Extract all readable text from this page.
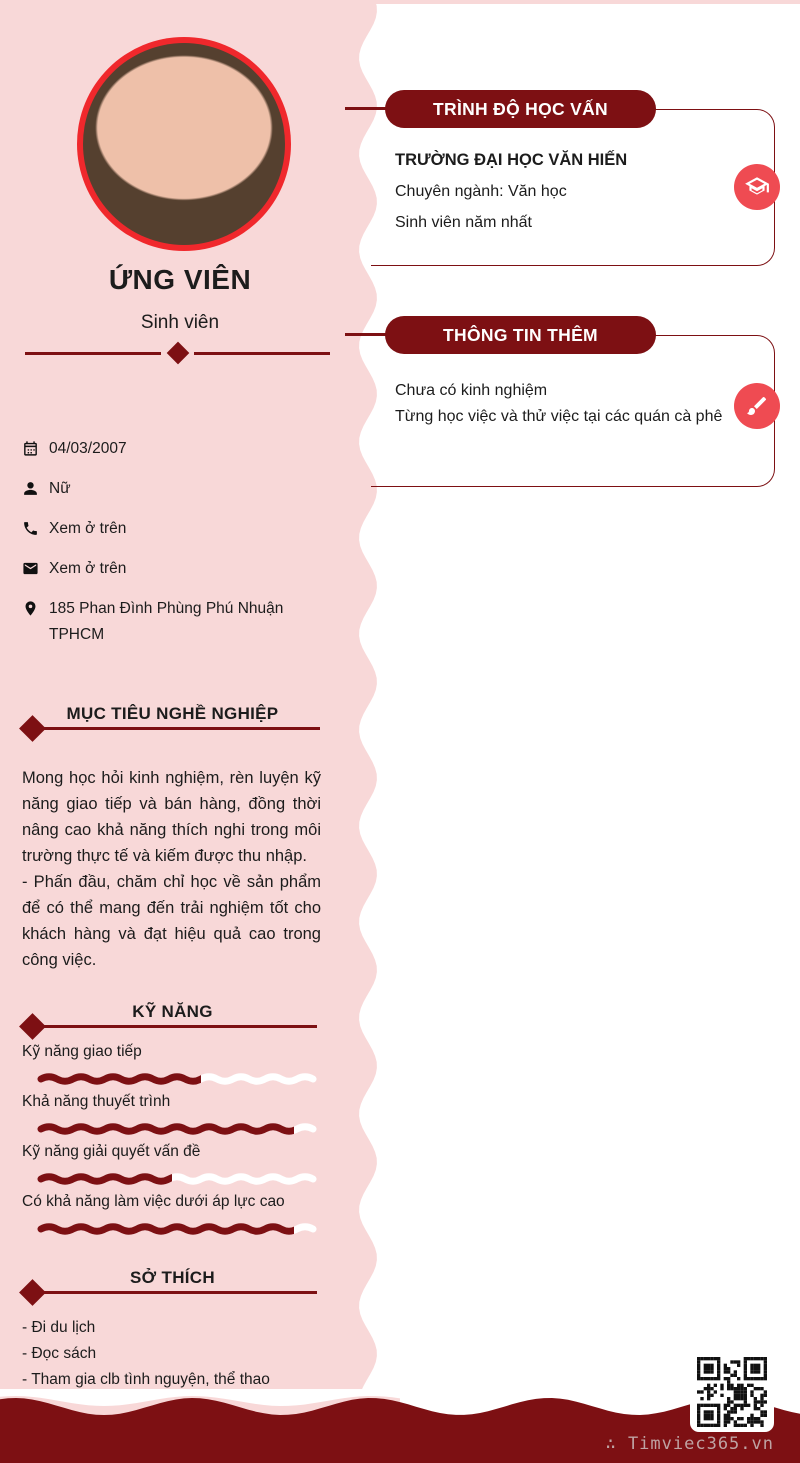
ỨNG VIÊN
Sinh viên
04/03/2007
Nữ
Xem ở trên
Xem ở trên
185 Phan Đình Phùng Phú Nhuận TPHCM
MỤC TIÊU NGHỀ NGHIỆP

Mong học hỏi kinh nghiệm, rèn luyện kỹ năng giao tiếp và bán hàng, đồng thời nâng cao khả năng thích nghi trong môi trường thực tế và kiếm được thu nhập.

- Phấn đầu, chăm chỉ học về sản phẩm để có thể mang đến trải nghiệm tốt cho khách hàng và đạt hiệu quả cao trong công việc.

KỸ NĂNG
Kỹ năng giao tiếp
Khả năng thuyết trình
Kỹ năng giải quyết vấn đề
Có khả năng làm việc dưới áp lực cao
SỞ THÍCH
- Đi du lịch
- Đọc sách
- Tham gia clb tình nguyện, thể thao
TRƯỜNG ĐẠI HỌC VĂN HIẾN
Chuyên ngành: Văn học
Sinh viên năm nhất
TRÌNH ĐỘ HỌC VẤN
Chưa có kinh nghiệm
Từng học việc và thử việc tại các quán cà phê
THÔNG TIN THÊM
∴ Timviec365.vn
